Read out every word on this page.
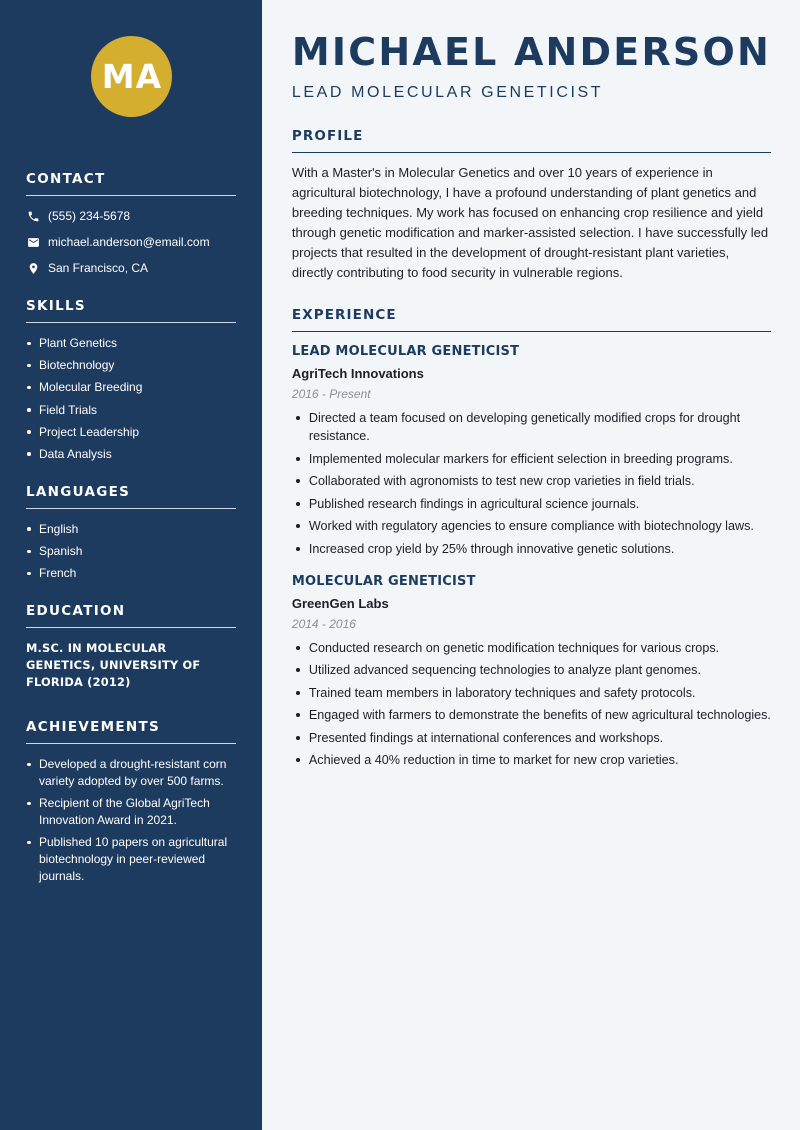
MA
CONTACT
(555) 234-5678
michael.anderson@email.com
San Francisco, CA
SKILLS
Plant Genetics
Biotechnology
Molecular Breeding
Field Trials
Project Leadership
Data Analysis
LANGUAGES
English
Spanish
French
EDUCATION
M.SC. IN MOLECULAR GENETICS, UNIVERSITY OF FLORIDA (2012)
ACHIEVEMENTS
Developed a drought-resistant corn variety adopted by over 500 farms.
Recipient of the Global AgriTech Innovation Award in 2021.
Published 10 papers on agricultural biotechnology in peer-reviewed journals.
MICHAEL ANDERSON
LEAD MOLECULAR GENETICIST
PROFILE

With a Master's in Molecular Genetics and over 10 years of experience in agricultural biotechnology, I have a profound understanding of plant genetics and breeding techniques. My work has focused on enhancing crop resilience and yield through genetic modification and marker-assisted selection. I have successfully led projects that resulted in the development of drought-resistant plant varieties, directly contributing to food security in vulnerable regions.

EXPERIENCE
LEAD MOLECULAR GENETICIST
AgriTech Innovations
2016 - Present
Directed a team focused on developing genetically modified crops for drought resistance.
Implemented molecular markers for efficient selection in breeding programs.
Collaborated with agronomists to test new crop varieties in field trials.
Published research findings in agricultural science journals.
Worked with regulatory agencies to ensure compliance with biotechnology laws.
Increased crop yield by 25% through innovative genetic solutions.
MOLECULAR GENETICIST
GreenGen Labs
2014 - 2016
Conducted research on genetic modification techniques for various crops.
Utilized advanced sequencing technologies to analyze plant genomes.
Trained team members in laboratory techniques and safety protocols.
Engaged with farmers to demonstrate the benefits of new agricultural technologies.
Presented findings at international conferences and workshops.
Achieved a 40% reduction in time to market for new crop varieties.
